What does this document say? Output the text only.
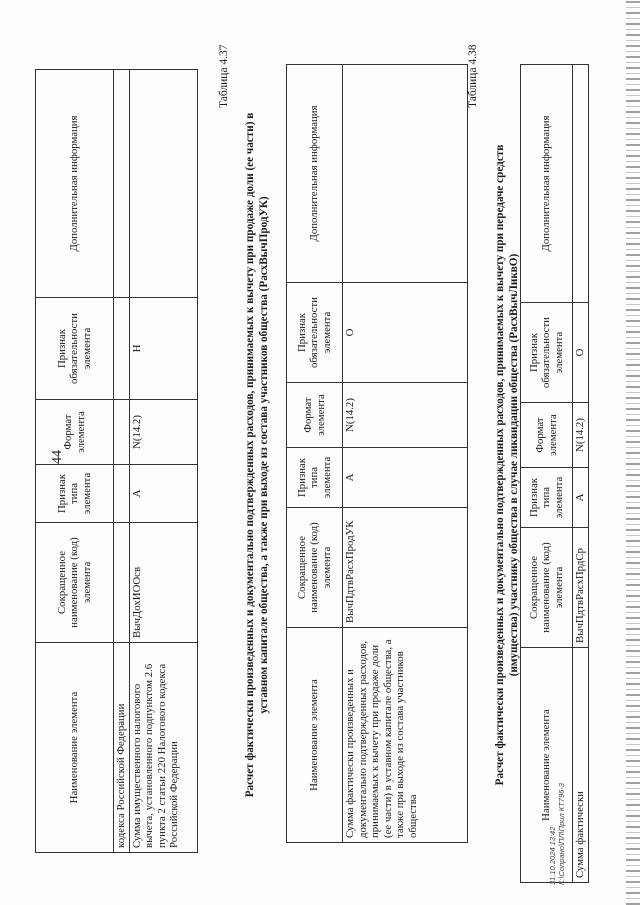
44
Наименование элемента	Сокращенное наименование (код) элемента	Признак типа элемента	Формат элемента	Признак обязательности элемента	Дополнительная информация
кодекса Российской Федерации					
Сумма имущественного налогового вычета, установленного подпунктом 2.6 пункта 2 статьи 220 Налогового кодекса Российской Федерации	ВычДохИООсв	А	N(14.2)	Н	
Таблица 4.37
Расчет фактически произведенных и документально подтвержденных расходов, принимаемых к вычету при продаже доли (ее части) в уставном капитале общества, а также при выходе из состава участников общества (РасхВычПродУК)
Наименование элемента	Сокращенное наименование (код) элемента	Признак типа элемента	Формат элемента	Признак обязательности элемента	Дополнительная информация
Сумма фактически произведенных и документально подтвержденных расходов, принимаемых к вычету при продаже доли (ее части) в уставном капитале общества, а также при выходе из состава участников общества	ВычПдтвРасхПродУК	А	N(14.2)	О	
Таблица 4.38
Расчет фактически произведенных и документально подтвержденных расходов, принимаемых к вычету при передаче средств (имущества) участнику общества в случае ликвидации общества (РасхВычЛиквО)
Наименование элемента	Сокращенное наименование (код) элемента	Признак типа элемента	Формат элемента	Признак обязательности элемента	Дополнительная информация
Сумма фактически	ВычПдтвРасхПрдСр	А	N(14.2)	О	
31.10.2024 13:42 К:\Сопрано\ПЛ\Прил КТ796-3
